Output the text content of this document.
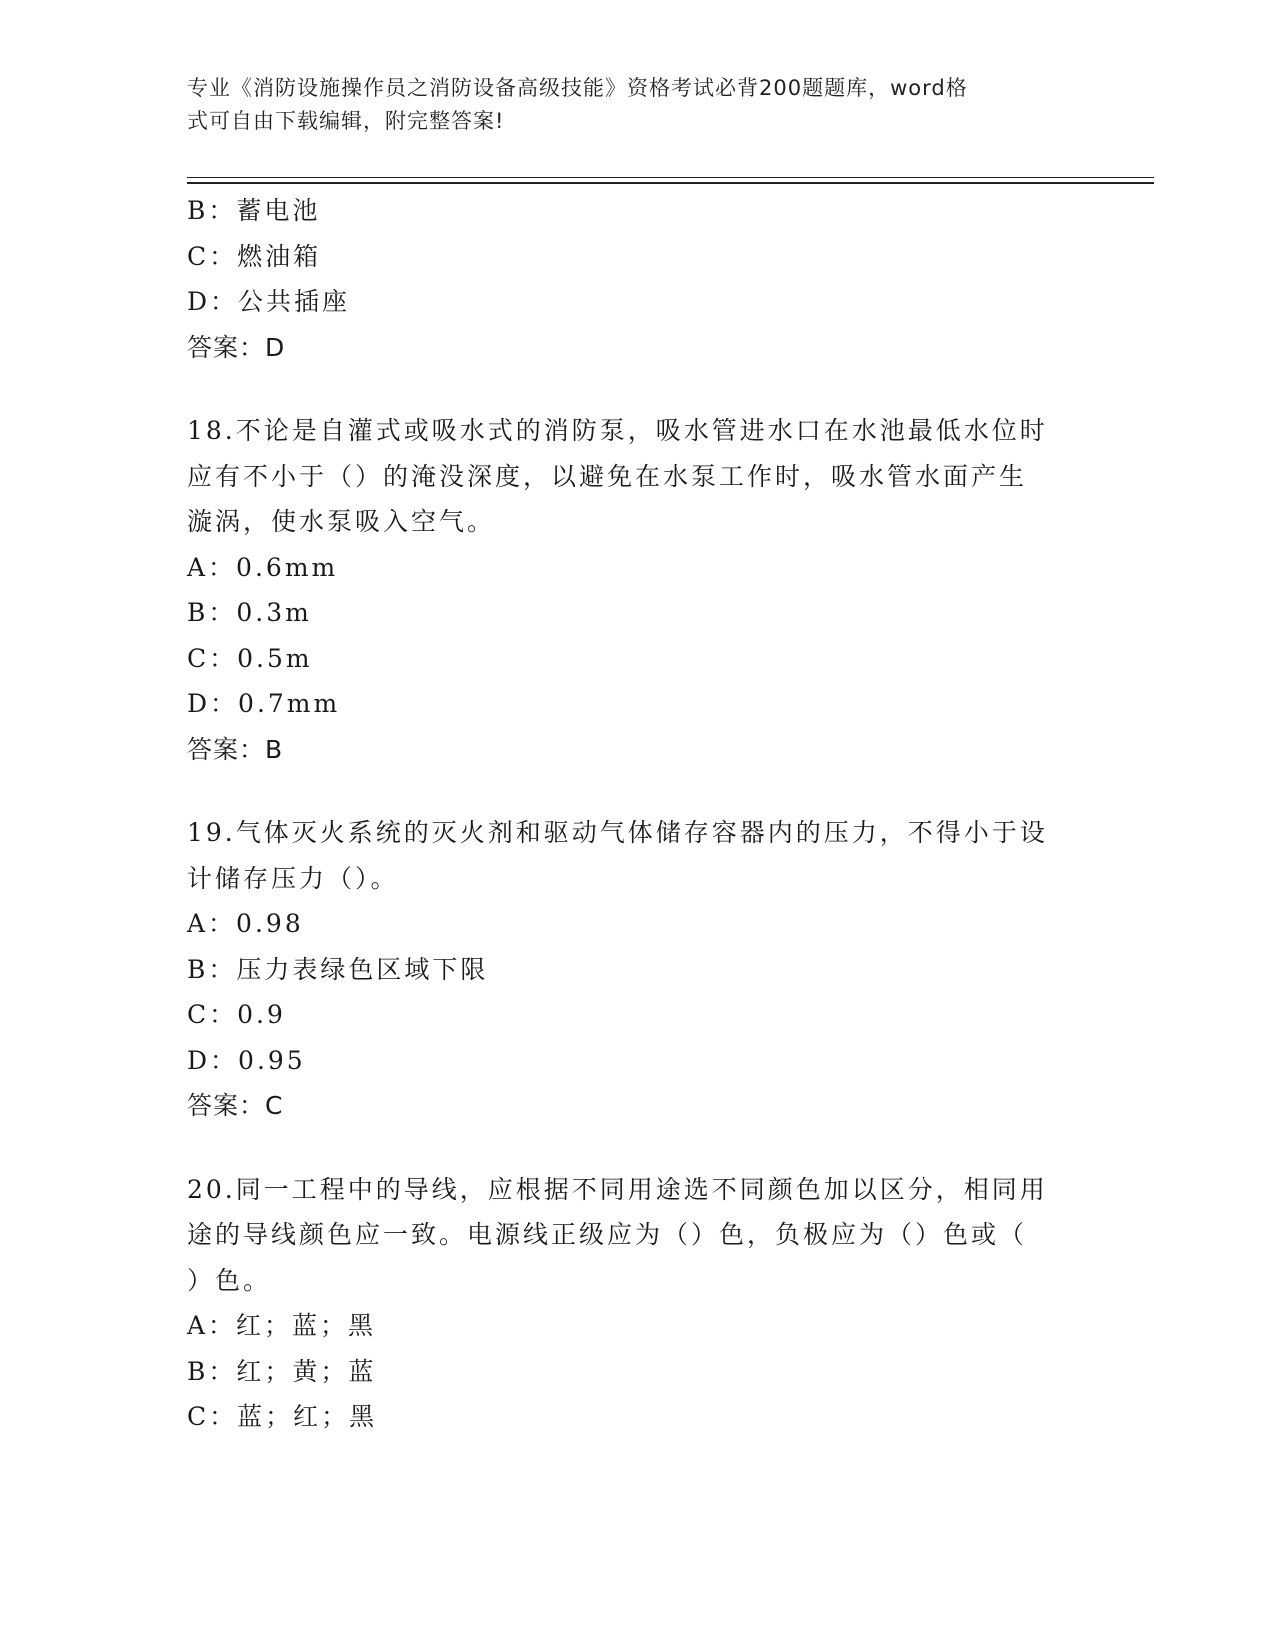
专业《消防设施操作员之消防设备高级技能》资格考试必背200题题库，word格
式可自由下载编辑，附完整答案!
B：蓄电池
C：燃油箱
D：公共插座
答案：D
18.不论是自灌式或吸水式的消防泵，吸水管进水口在水池最低水位时
应有不小于（）的淹没深度，以避免在水泵工作时，吸水管水面产生
漩涡，使水泵吸入空气。
A：0.6mm
B：0.3m
C：0.5m
D：0.7mm
答案：B
19.气体灭火系统的灭火剂和驱动气体储存容器内的压力，不得小于设
计储存压力（）。
A：0.98
B：压力表绿色区域下限
C：0.9
D：0.95
答案：C
20.同一工程中的导线，应根据不同用途选不同颜色加以区分，相同用
途的导线颜色应一致。电源线正级应为（）色，负极应为（）色或（
）色。
A：红；蓝；黑
B：红；黄；蓝
C：蓝；红；黑
